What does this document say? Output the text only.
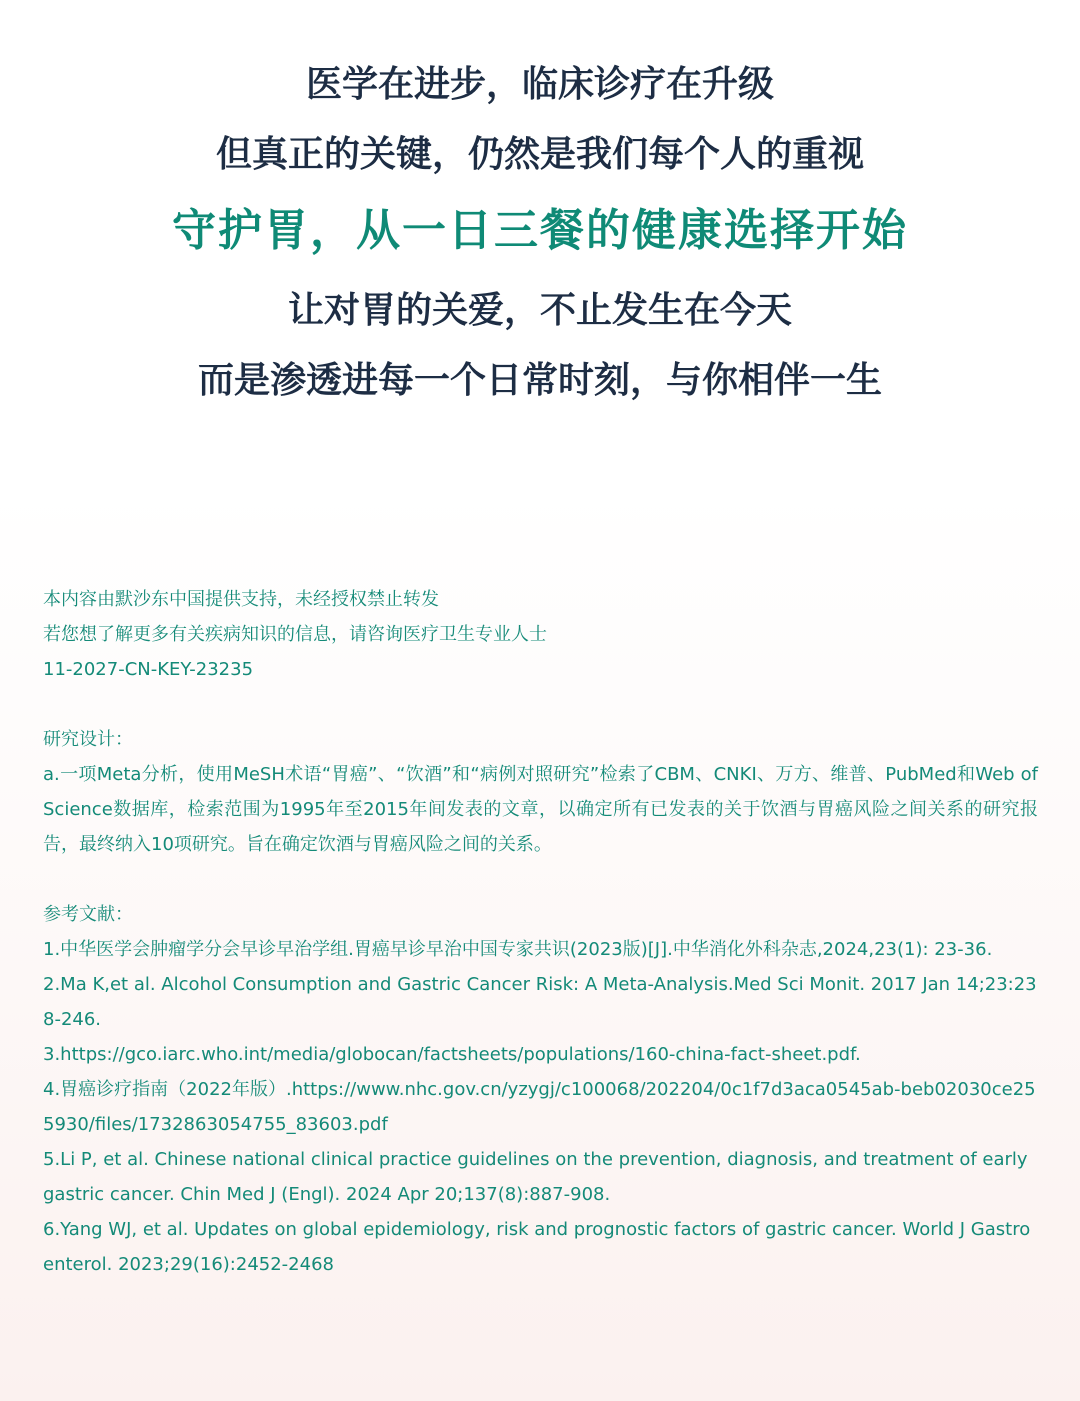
医学在进步，临床诊疗在升级

但真正的关键，仍然是我们每个人的重视

守护胃，从一日三餐的健康选择开始

让对胃的关爱，不止发生在今天

而是渗透进每一个日常时刻，与你相伴一生

本内容由默沙东中国提供支持，未经授权禁止转发
若您想了解更多有关疾病知识的信息，请咨询医疗卫生专业人士
11-2027-CN-KEY-23235
研究设计：
a.一项Meta分析，使用MeSH术语“胃癌”、“饮酒”和“病例对照研究”检索了CBM、CNKI、万方、维普、PubMed和Web of Science数据库，检索范围为1995年至2015年间发表的文章，以确定所有已发表的关于饮酒与胃癌风险之间关系的研究报告，最终纳入10项研究。旨在确定饮酒与胃癌风险之间的关系。
参考文献：
1.中华医学会肿瘤学分会早诊早治学组.胃癌早诊早治中国专家共识(2023版)[J].中华消化外科杂志,2024,23(1): 23-36.
2.Ma K,et al. Alcohol Consumption and Gastric Cancer Risk: A Meta-Analysis.Med Sci Monit. 2017 Jan 14;23:238-246.
3.https://gco.iarc.who.int/media/globocan/factsheets/populations/160-china-fact-sheet.pdf.
4.胃癌诊疗指南（2022年版）.https://www.nhc.gov.cn/yzygj/c100068/202204/0c1f7d3aca0545ab-beb02030ce255930/files/1732863054755_83603.pdf
5.Li P, et al. Chinese national clinical practice guidelines on the prevention, diagnosis, and treatment of early gastric cancer. Chin Med J (Engl). 2024 Apr 20;137(8):887-908.
6.Yang WJ, et al. Updates on global epidemiology, risk and prognostic factors of gastric cancer. World J Gastroenterol. 2023;29(16):2452-2468
